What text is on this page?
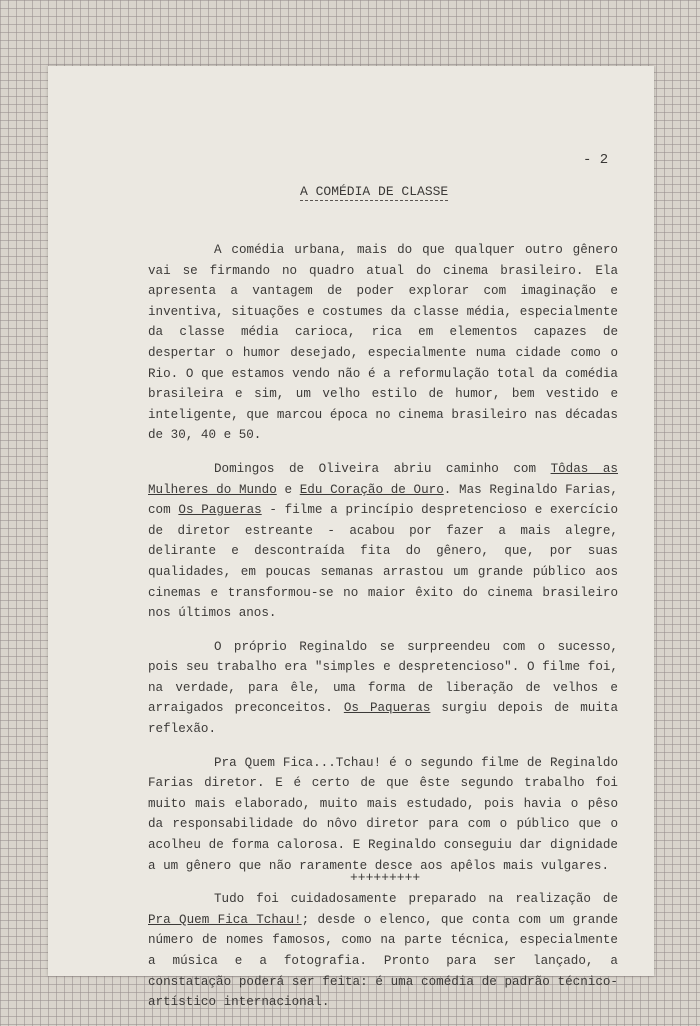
- 2
A COMÉDIA DE CLASSE

A comédia urbana, mais do que qualquer outro gênero vai se firmando no quadro atual do cinema brasileiro. Ela apresenta a vantagem de poder explorar com imaginação e inventiva, situações e costumes da classe média, especialmente da classe média carioca, rica em elementos capazes de despertar o humor desejado, especialmente numa cidade como o Rio. O que estamos vendo não é a reformulação total da comédia brasileira e sim, um velho estilo de humor, bem vestido e inteligente, que marcou época no cinema brasileiro nas décadas de 30, 40 e 50.

Domingos de Oliveira abriu caminho com Tôdas as Mulheres do Mundo e Edu Coração de Ouro. Mas Reginaldo Farias, com Os Pagueras - filme a princípio despretencioso e exercício de diretor estreante - acabou por fazer a mais alegre, delirante e descontraída fita do gênero, que, por suas qualidades, em poucas semanas arrastou um grande público aos cinemas e transformou-se no maior êxito do cinema brasileiro nos últimos anos.

O próprio Reginaldo se surpreendeu com o sucesso, pois seu trabalho era "simples e despretencioso". O filme foi, na verdade, para êle, uma forma de liberação de velhos e arraigados preconceitos. Os Paqueras surgiu depois de muita reflexão.

Pra Quem Fica...Tchau! é o segundo filme de Reginaldo Farias diretor. E é certo de que êste segundo trabalho foi muito mais elaborado, muito mais estudado, pois havia o pêso da responsabilidade do nôvo diretor para com o público que o acolheu de forma calorosa. E Reginaldo conseguiu dar dignidade a um gênero que não raramente desce aos apêlos mais vulgares.

Tudo foi cuidadosamente preparado na realização de Pra Quem Fica Tchau!; desde o elenco, que conta com um grande número de nomes famosos, como na parte técnica, especialmente a música e a fotografia. Pronto para ser lançado, a constatação poderá ser feita: é uma comédia de padrão técnico-artístico internacional.

+++++++++
